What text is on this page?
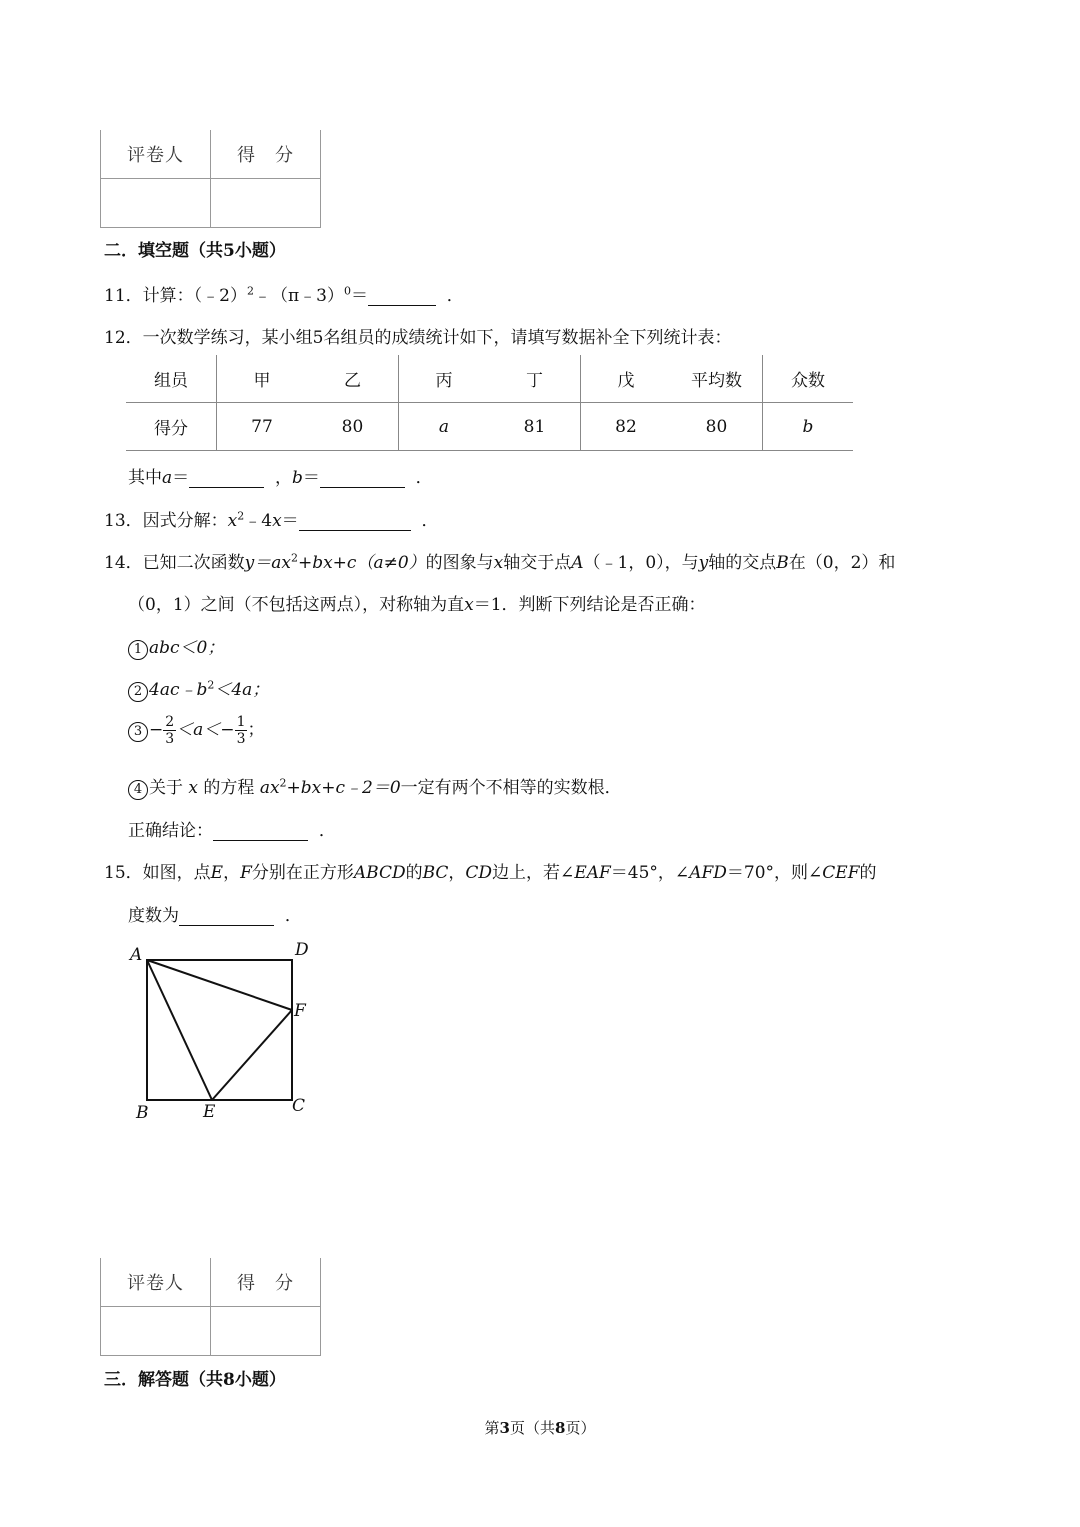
评卷人	得　分

二．填空题（共5小题）
11．计算：（﹣2）$^2$﹣（π﹣3）$^0$＝	．
12．一次数学练习，某小组5名组员的成绩统计如下，请填写数据补全下列统计表：
组员	甲	乙	丙	丁	戊	平均数	众数
得分	77	80	a	81	82	80	b
其中a＝	，b＝	．
13．因式分解：$x^2﹣4x=$	．
14．已知二次函数$y=ax^2+bx+c(a\ne 0)$的图象与x轴交于点A（﹣1，0），与y轴的交点B在（0，2）和
（0，1）之间（不包括这两点），对称轴为直x＝1．判断下列结论是否正确：
1 abc＜0；
2 $4ac﹣b^2<4a$；
$3 - \frac{2}{3} <a<- \frac{1}{3}$ ；
4 关于 x 的方程 $ax^2+bx+c﹣2=0$一定有两个不相等的实数根．
正确结论：	．
15．如图，点E，F分别在正方形ABCD的BC，CD边上，若∠EAF＝45°，∠AFD＝70°，则∠CEF的
度数为	．
A	D
F
B	E	C
评卷人	得　分

三．解答题（共8小题）
第3页（共8页）
